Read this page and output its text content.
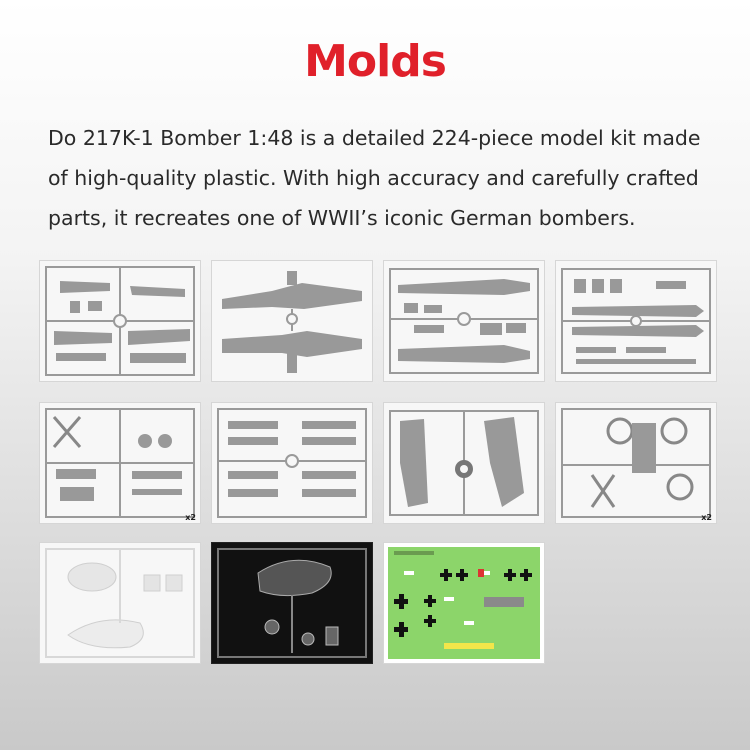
Molds
Do 217K-1 Bomber 1:48 is a detailed 224-piece model kit made of high-quality plastic. With high accuracy and carefully crafted parts, it recreates one of WWII’s iconic German bombers.
x2	x2
